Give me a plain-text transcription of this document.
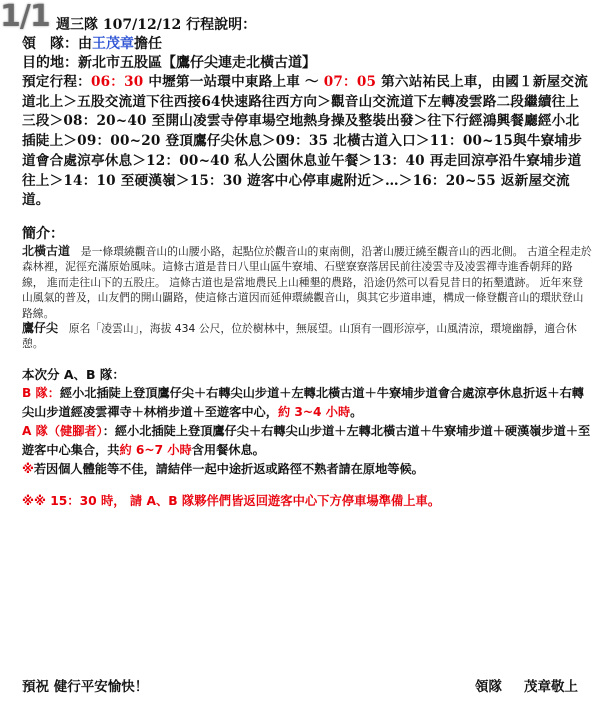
1/1 週三隊 107/12/12 行程說明：

領　隊：由王茂章擔任

目的地：新北市五股區【鷹仔尖連走北橫古道】

預定行程：06：30 中壢第一站環中東路上車 ～ 07：05 第六站祐民上車，由國１新屋交流道北上＞五股交流道下往西接64快速路往西方向＞觀音山交流道下左轉凌雲路二段繼續往上三段＞08：20~40 至開山凌雲寺停車場空地熱身操及整裝出發＞往下行經鴻興餐廳經小北插陡上＞09：00~20 登頂鷹仔尖休息＞09：35 北橫古道入口＞11：00~15與牛寮埔步道會合處涼亭休息＞12：00~40 私人公園休息並午餐＞13：40 再走回涼亭沿牛寮埔步道往上＞14：10 至硬漢嶺＞15：30 遊客中心停車處附近＞…＞16：20~55 返新屋交流道。

簡介：

北橫古道　是一條環繞觀音山的山腰小路，起點位於觀音山的東南側，沿著山腰迂繞至觀音山的西北側。 古道全程走於森林裡，泥徑充滿原始風味。這條古道是昔日八里山區牛寮埔、石壁寮寮落居民前往凌雲寺及凌雲禪寺進香朝拜的路線， 進而走往山下的五股庄。 這條古道也是當地農民上山種墾的農路，沿途仍然可以看見昔日的拓墾遺跡。 近年來登山風氣的普及，山友們的開山闢路，使這條古道因而延伸環繞觀音山，與其它步道串連，構成一條登觀音山的環狀登山路線。

鷹仔尖　原名「凌雲山」，海拔 434 公尺，位於樹林中，無展望。山頂有一圓形涼亭，山風清涼，環境幽靜，適合休憩。

本次分 A、B 隊：

B 隊：經小北插陡上登頂鷹仔尖＋右轉尖山步道＋左轉北橫古道＋牛寮埔步道會合處涼亭休息折返＋右轉尖山步道經凌雲禪寺＋林梢步道＋至遊客中心，約 3~4 小時。

A 隊（健腳者）：經小北插陡上登頂鷹仔尖＋右轉尖山步道＋左轉北橫古道＋牛寮埔步道＋硬漢嶺步道＋至遊客中心集合，共約 6~7 小時含用餐休息。

※若因個人體能等不佳，請結伴一起中途折返或路徑不熟者請在原地等候。

※※ 15：30 時， 請 A、B 隊夥伴們皆返回遊客中心下方停車場準備上車。

預祝 健行平安愉快！	領隊 茂章敬上
